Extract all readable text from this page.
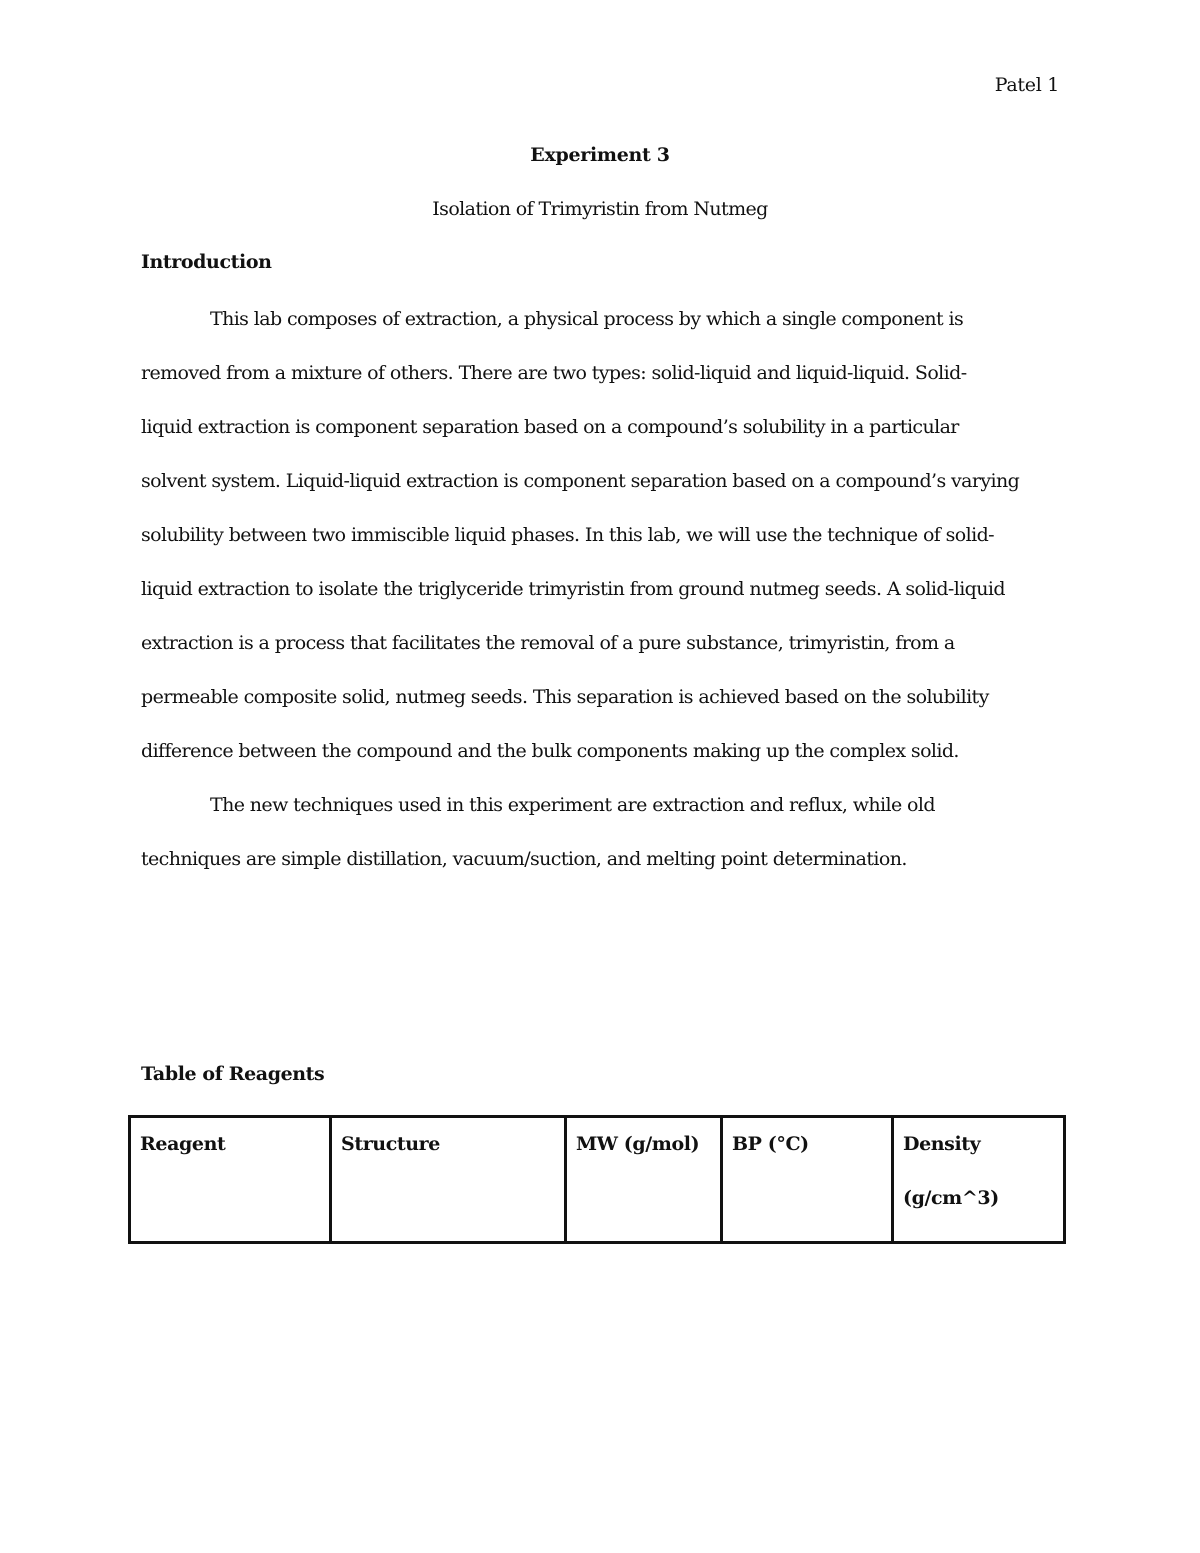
Patel 1
Experiment 3
Isolation of Trimyristin from Nutmeg
Introduction
This lab composes of extraction, a physical process by which a single component is
removed from a mixture of others. There are two types: solid-liquid and liquid-liquid. Solid-
liquid extraction is component separation based on a compound’s solubility in a particular
solvent system. Liquid-liquid extraction is component separation based on a compound’s varying
solubility between two immiscible liquid phases. In this lab, we will use the technique of solid-
liquid extraction to isolate the triglyceride trimyristin from ground nutmeg seeds. A solid-liquid
extraction is a process that facilitates the removal of a pure substance, trimyristin, from a
permeable composite solid, nutmeg seeds. This separation is achieved based on the solubility
difference between the compound and the bulk components making up the complex solid.
The new techniques used in this experiment are extraction and reflux, while old
techniques are simple distillation, vacuum/suction, and melting point determination.
Table of Reagents
Reagent	Structure	MW (g/mol)	BP (°C)	Density
(g/cm^3)
